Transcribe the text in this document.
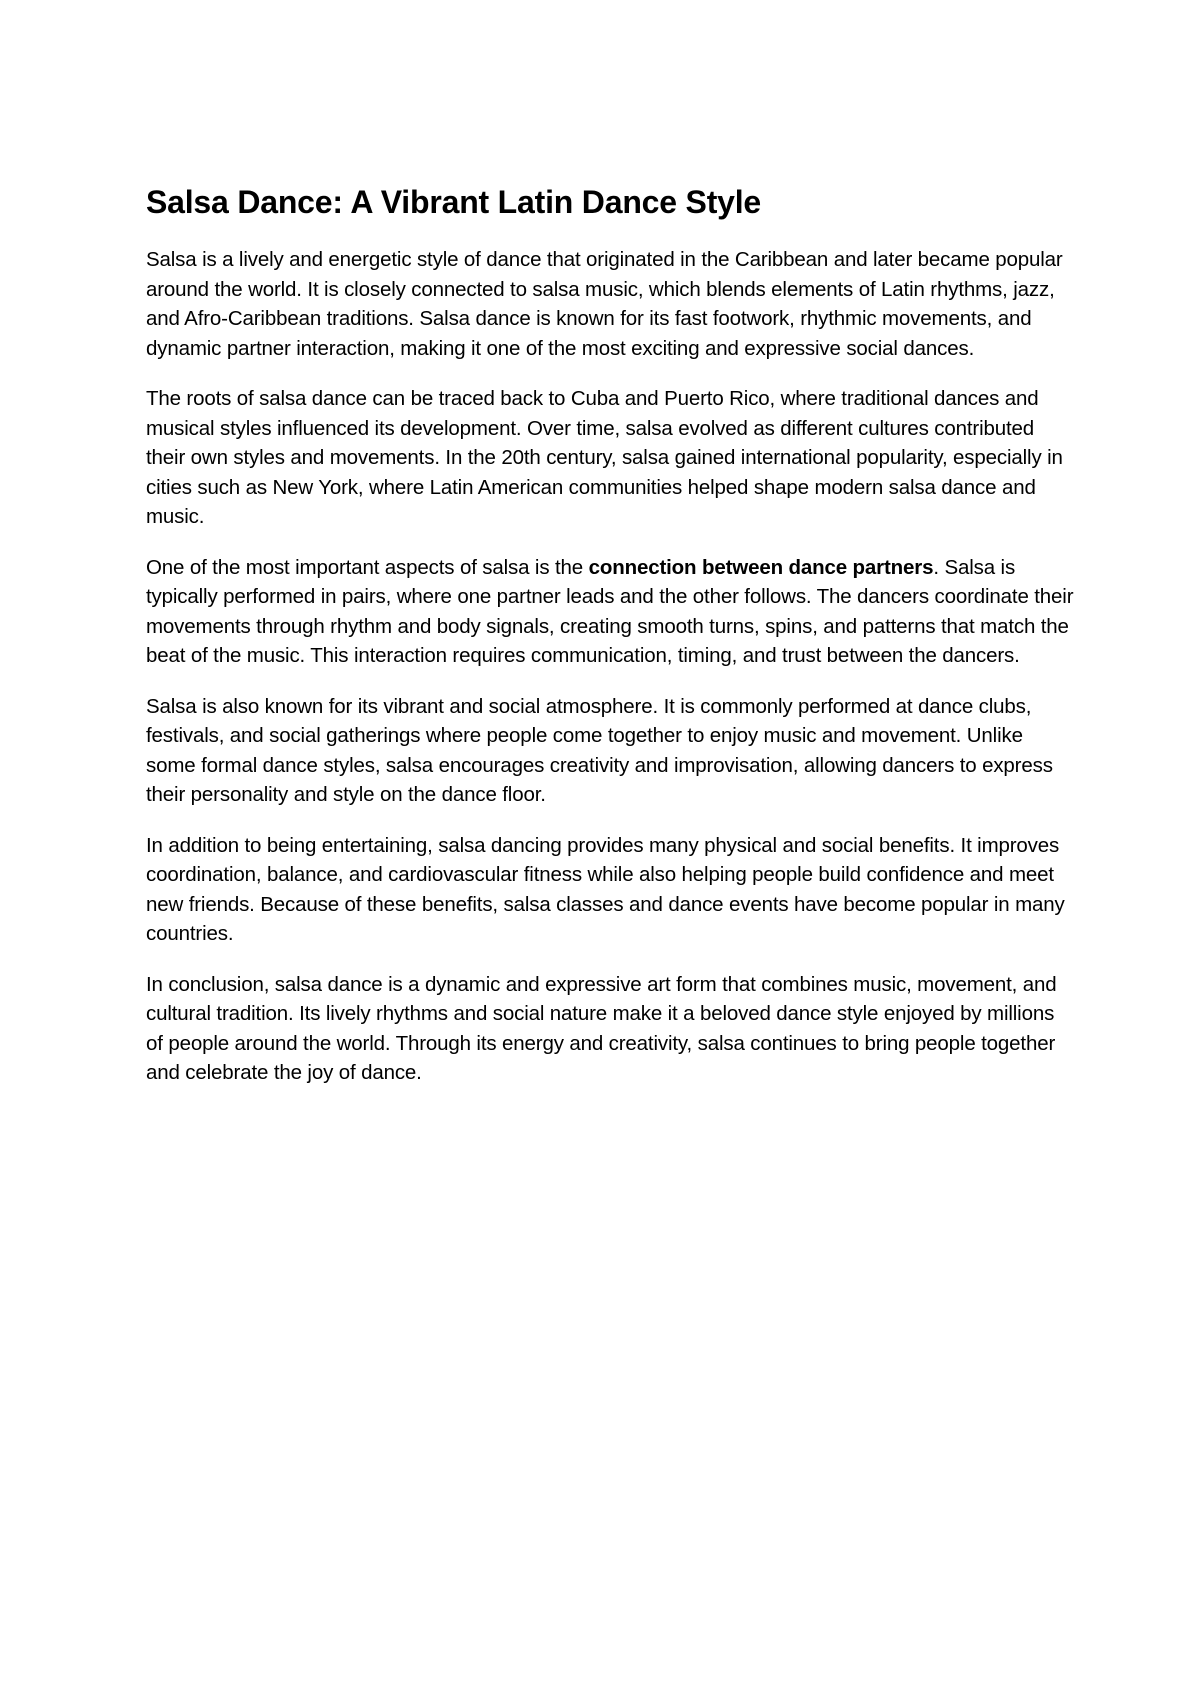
Salsa Dance: A Vibrant Latin Dance Style

Salsa is a lively and energetic style of dance that originated in the Caribbean and later became popular around the world. It is closely connected to salsa music, which blends elements of Latin rhythms, jazz, and Afro-Caribbean traditions. Salsa dance is known for its fast footwork, rhythmic movements, and dynamic partner interaction, making it one of the most exciting and expressive social dances.

The roots of salsa dance can be traced back to Cuba and Puerto Rico, where traditional dances and musical styles influenced its development. Over time, salsa evolved as different cultures contributed their own styles and movements. In the 20th century, salsa gained international popularity, especially in cities such as New York, where Latin American communities helped shape modern salsa dance and music.

One of the most important aspects of salsa is the connection between dance partners. Salsa is typically performed in pairs, where one partner leads and the other follows. The dancers coordinate their movements through rhythm and body signals, creating smooth turns, spins, and patterns that match the beat of the music. This interaction requires communication, timing, and trust between the dancers.

Salsa is also known for its vibrant and social atmosphere. It is commonly performed at dance clubs, festivals, and social gatherings where people come together to enjoy music and movement. Unlike some formal dance styles, salsa encourages creativity and improvisation, allowing dancers to express their personality and style on the dance floor.

In addition to being entertaining, salsa dancing provides many physical and social benefits. It improves coordination, balance, and cardiovascular fitness while also helping people build confidence and meet new friends. Because of these benefits, salsa classes and dance events have become popular in many countries.

In conclusion, salsa dance is a dynamic and expressive art form that combines music, movement, and cultural tradition. Its lively rhythms and social nature make it a beloved dance style enjoyed by millions of people around the world. Through its energy and creativity, salsa continues to bring people together and celebrate the joy of dance.
